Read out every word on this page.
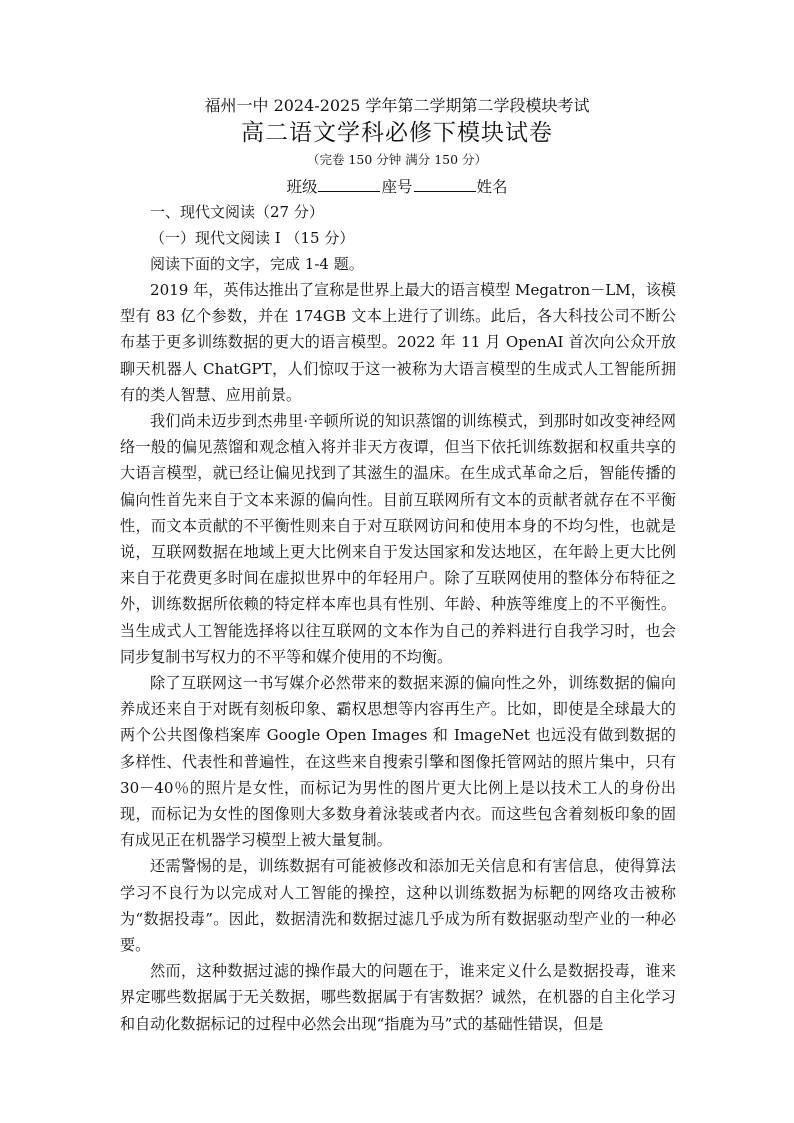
福州一中 2024-2025 学年第二学期第二学段模块考试
高二语文学科必修下模块试卷
（完卷 150 分钟 满分 150 分）
班级	座号	姓名
一、现代文阅读（27 分）
（一）现代文阅读 I （15 分）
阅读下面的文字，完成 1-4 题。

2019 年，英伟达推出了宣称是世界上最大的语言模型 Megatron－LM，该模型有 83 亿个参数，并在 174GB 文本上进行了训练。此后，各大科技公司不断公布基于更多训练数据的更大的语言模型。2022 年 11 月 OpenAI 首次向公众开放聊天机器人 ChatGPT，人们惊叹于这一被称为大语言模型的生成式人工智能所拥有的类人智慧、应用前景。

我们尚未迈步到杰弗里·辛顿所说的知识蒸馏的训练模式，到那时如改变神经网络一般的偏见蒸馏和观念植入将并非天方夜谭，但当下依托训练数据和权重共享的大语言模型，就已经让偏见找到了其滋生的温床。在生成式革命之后，智能传播的偏向性首先来自于文本来源的偏向性。目前互联网所有文本的贡献者就存在不平衡性，而文本贡献的不平衡性则来自于对互联网访问和使用本身的不均匀性，也就是说，互联网数据在地域上更大比例来自于发达国家和发达地区，在年龄上更大比例来自于花费更多时间在虚拟世界中的年轻用户。除了互联网使用的整体分布特征之外，训练数据所依赖的特定样本库也具有性别、年龄、种族等维度上的不平衡性。当生成式人工智能选择将以往互联网的文本作为自己的养料进行自我学习时，也会同步复制书写权力的不平等和媒介使用的不均衡。

除了互联网这一书写媒介必然带来的数据来源的偏向性之外，训练数据的偏向养成还来自于对既有刻板印象、霸权思想等内容再生产。比如，即使是全球最大的两个公共图像档案库 Google Open Images 和 ImageNet 也远没有做到数据的多样性、代表性和普遍性，在这些来自搜索引擎和图像托管网站的照片集中，只有 30－40％的照片是女性，而标记为男性的图片更大比例上是以技术工人的身份出现，而标记为女性的图像则大多数身着泳装或者内衣。而这些包含着刻板印象的固有成见正在机器学习模型上被大量复制。

还需警惕的是，训练数据有可能被修改和添加无关信息和有害信息，使得算法学习不良行为以完成对人工智能的操控，这种以训练数据为标靶的网络攻击被称为“数据投毒”。因此，数据清洗和数据过滤几乎成为所有数据驱动型产业的一种必要。

然而，这种数据过滤的操作最大的问题在于，谁来定义什么是数据投毒，谁来界定哪些数据属于无关数据，哪些数据属于有害数据？诚然，在机器的自主化学习和自动化数据标记的过程中必然会出现“指鹿为马”式的基础性错误，但是
